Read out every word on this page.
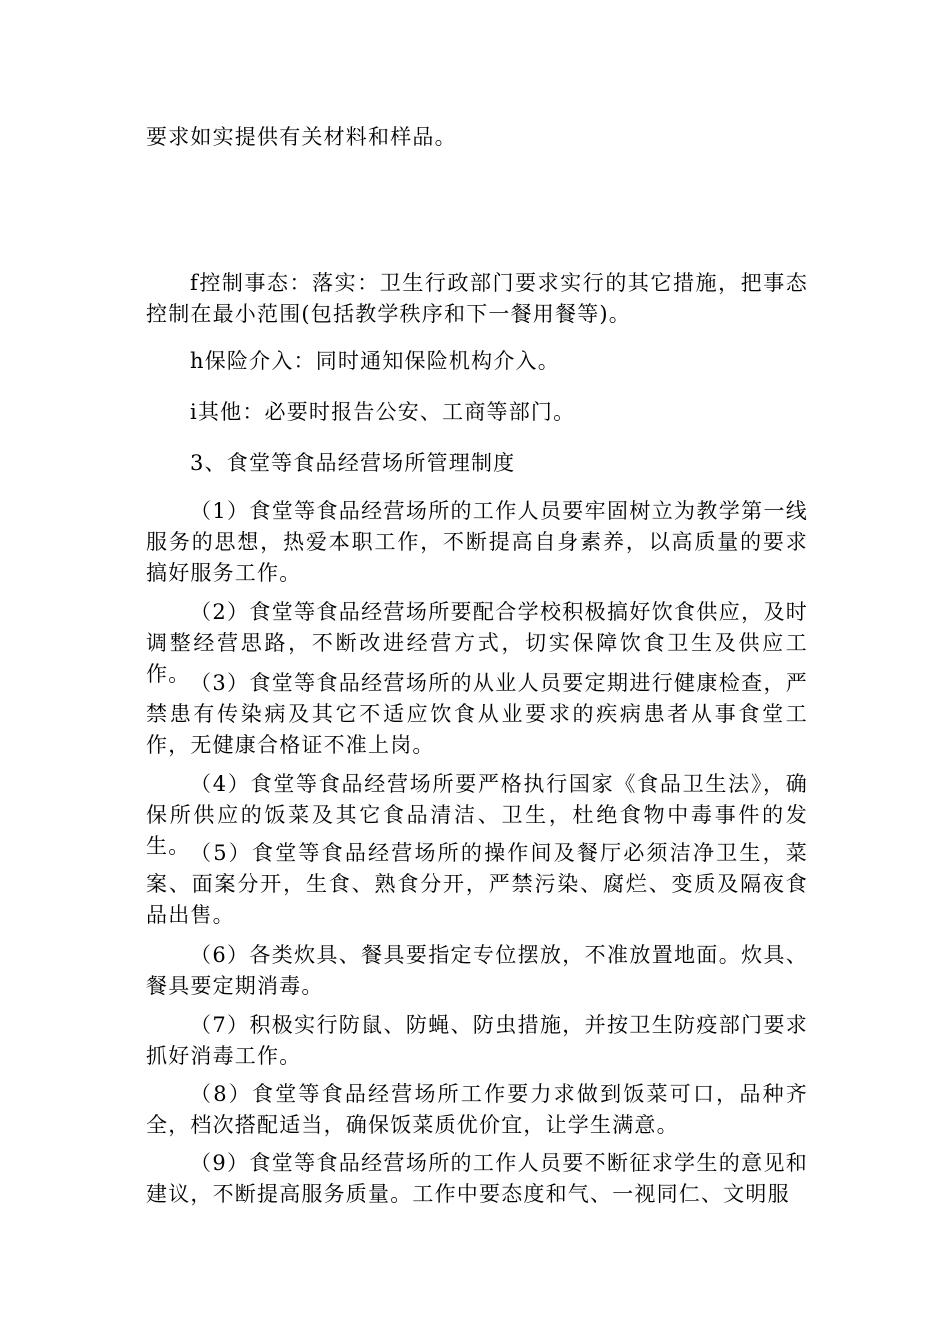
要求如实提供有关材料和样品。

f控制事态：落实：卫生行政部门要求实行的其它措施，把事态控制在最小范围(包括教学秩序和下一餐用餐等)。

h保险介入：同时通知保险机构介入。

i其他：必要时报告公安、工商等部门。

3、食堂等食品经营场所管理制度

（1）食堂等食品经营场所的工作人员要牢固树立为教学第一线服务的思想，热爱本职工作，不断提高自身素养，以高质量的要求搞好服务工作。

（2）食堂等食品经营场所要配合学校积极搞好饮食供应，及时调整经营思路，不断改进经营方式，切实保障饮食卫生及供应工作。 （3）食堂等食品经营场所的从业人员要定期进行健康检查，严禁患有传染病及其它不适应饮食从业要求的疾病患者从事食堂工作，无健康合格证不准上岗。

（4）食堂等食品经营场所要严格执行国家《食品卫生法》，确保所供应的饭菜及其它食品清洁、卫生，杜绝食物中毒事件的发生。 （5）食堂等食品经营场所的操作间及餐厅必须洁净卫生，菜案、面案分开，生食、熟食分开，严禁污染、腐烂、变质及隔夜食品出售。

（6）各类炊具、餐具要指定专位摆放，不准放置地面。炊具、餐具要定期消毒。

（7）积极实行防鼠、防蝇、防虫措施，并按卫生防疫部门要求抓好消毒工作。

（8）食堂等食品经营场所工作要力求做到饭菜可口，品种齐全，档次搭配适当，确保饭菜质优价宜，让学生满意。

（9）食堂等食品经营场所的工作人员要不断征求学生的意见和建议，不断提高服务质量。工作中要态度和气、一视同仁、文明服
